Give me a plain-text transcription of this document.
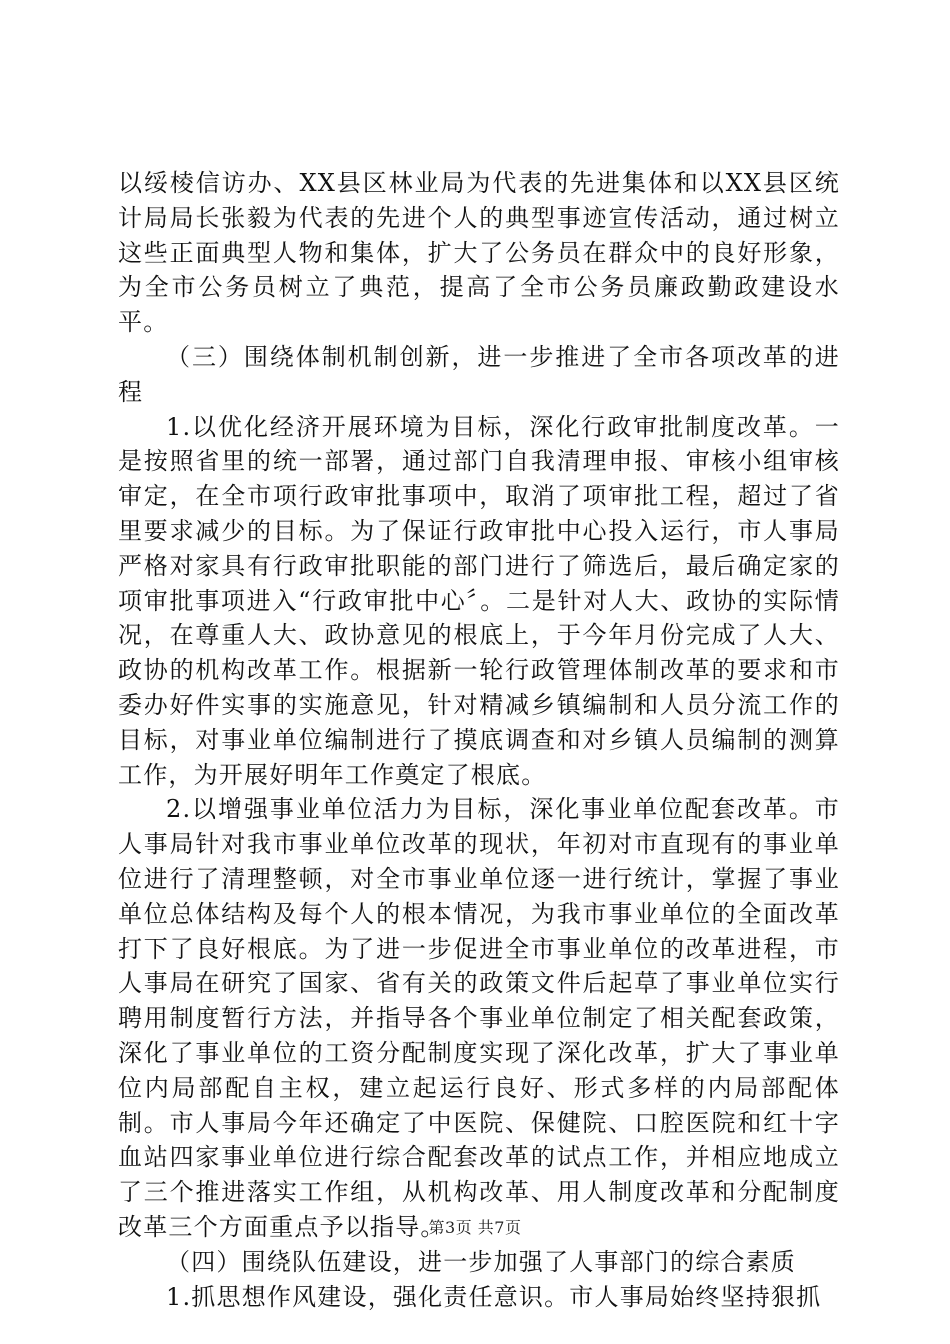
以绥棱信访办、XX县区林业局为代表的先进集体和以XX县区统计局局长张毅为代表的先进个人的典型事迹宣传活动，通过树立这些正面典型人物和集体，扩大了公务员在群众中的良好形象，为全市公务员树立了典范，提高了全市公务员廉政勤政建设水平。

（三）围绕体制机制创新，进一步推进了全市各项改革的进程

1.以优化经济开展环境为目标，深化行政审批制度改革。一是按照省里的统一部署，通过部门自我清理申报、审核小组审核审定，在全市项行政审批事项中，取消了项审批工程，超过了省里要求减少的目标。为了保证行政审批中心投入运行，市人事局严格对家具有行政审批职能的部门进行了筛选后，最后确定家的项审批事项进入“行政审批中心〞。二是针对人大、政协的实际情况，在尊重人大、政协意见的根底上，于今年月份完成了人大、政协的机构改革工作。根据新一轮行政管理体制改革的要求和市委办好件实事的实施意见，针对精减乡镇编制和人员分流工作的目标，对事业单位编制进行了摸底调查和对乡镇人员编制的测算工作，为开展好明年工作奠定了根底。

2.以增强事业单位活力为目标，深化事业单位配套改革。市人事局针对我市事业单位改革的现状，年初对市直现有的事业单位进行了清理整顿，对全市事业单位逐一进行统计，掌握了事业单位总体结构及每个人的根本情况，为我市事业单位的全面改革打下了良好根底。为了进一步促进全市事业单位的改革进程，市人事局在研究了国家、省有关的政策文件后起草了事业单位实行聘用制度暂行方法，并指导各个事业单位制定了相关配套政策，深化了事业单位的工资分配制度实现了深化改革，扩大了事业单位内局部配自主权，建立起运行良好、形式多样的内局部配体制。市人事局今年还确定了中医院、保健院、口腔医院和红十字血站四家事业单位进行综合配套改革的试点工作，并相应地成立了三个推进落实工作组，从机构改革、用人制度改革和分配制度改革三个方面重点予以指导。

（四）围绕队伍建设，进一步加强了人事部门的综合素质

1.抓思想作风建设，强化责任意识。市人事局始终坚持狠抓

第3页 共7页
